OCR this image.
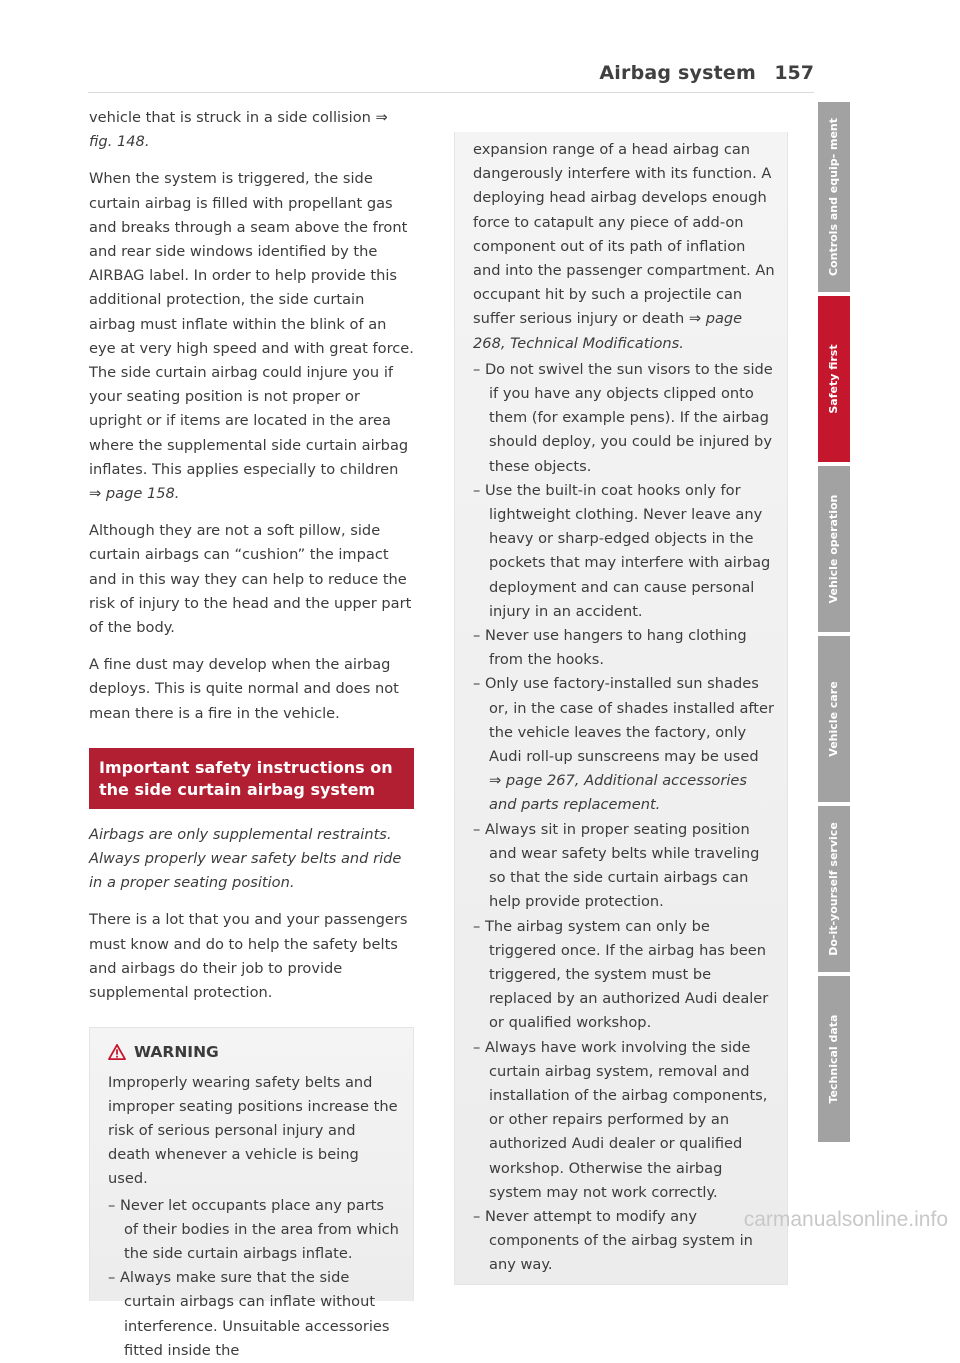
Airbag system 157

vehicle that is struck in a side collision ⇒ fig. 148.

When the system is triggered, the side curtain airbag is filled with propellant gas and breaks through a seam above the front and rear side windows identified by the AIRBAG label. In order to help provide this additional protection, the side curtain airbag must inflate within the blink of an eye at very high speed and with great force. The side curtain airbag could injure you if your seating position is not proper or upright or if items are located in the area where the supplemental side curtain airbag inflates. This applies especially to children ⇒ page 158.

Although they are not a soft pillow, side curtain airbags can “cushion” the impact and in this way they can help to reduce the risk of injury to the head and the upper part of the body.

A fine dust may develop when the airbag deploys. This is quite normal and does not mean there is a fire in the vehicle.

Important safety instructions on the side curtain airbag system

Airbags are only supplemental restraints. Always properly wear safety belts and ride in a proper seating position.

There is a lot that you and your passengers must know and do to help the safety belts and airbags do their job to provide supplemental protection.

WARNING

Improperly wearing safety belts and improper seating positions increase the risk of serious personal injury and death whenever a vehicle is being used.

– Never let occupants place any parts of their bodies in the area from which the side curtain airbags inflate.
– Always make sure that the side curtain airbags can inflate without interference. Unsuitable accessories fitted inside the

expansion range of a head airbag can dangerously interfere with its function. A deploying head airbag develops enough force to catapult any piece of add-on component out of its path of inflation and into the passenger compartment. An occupant hit by such a projectile can suffer serious injury or death ⇒ page 268, Technical Modifications.

– Do not swivel the sun visors to the side if you have any objects clipped onto them (for example pens). If the airbag should deploy, you could be injured by these objects.
– Use the built-in coat hooks only for lightweight clothing. Never leave any heavy or sharp-edged objects in the pockets that may interfere with airbag deployment and can cause personal injury in an accident.
– Never use hangers to hang clothing from the hooks.
– Only use factory-installed sun shades or, in the case of shades installed after the vehicle leaves the factory, only Audi roll-up sunscreens may be used ⇒ page 267, Additional accessories and parts replacement.
– Always sit in proper seating position and wear safety belts while traveling so that the side curtain airbags can help provide protection.
– The airbag system can only be triggered once. If the airbag has been triggered, the system must be replaced by an authorized Audi dealer or qualified workshop.
– Always have work involving the side curtain airbag system, removal and installation of the airbag components, or other repairs performed by an authorized Audi dealer or qualified workshop. Otherwise the airbag system may not work correctly.
– Never attempt to modify any components of the airbag system in any way.
Controls and equip- ment
Safety first
Vehicle operation
Vehicle care
Do-it-yourself service
Technical data
carmanualsonline.info
